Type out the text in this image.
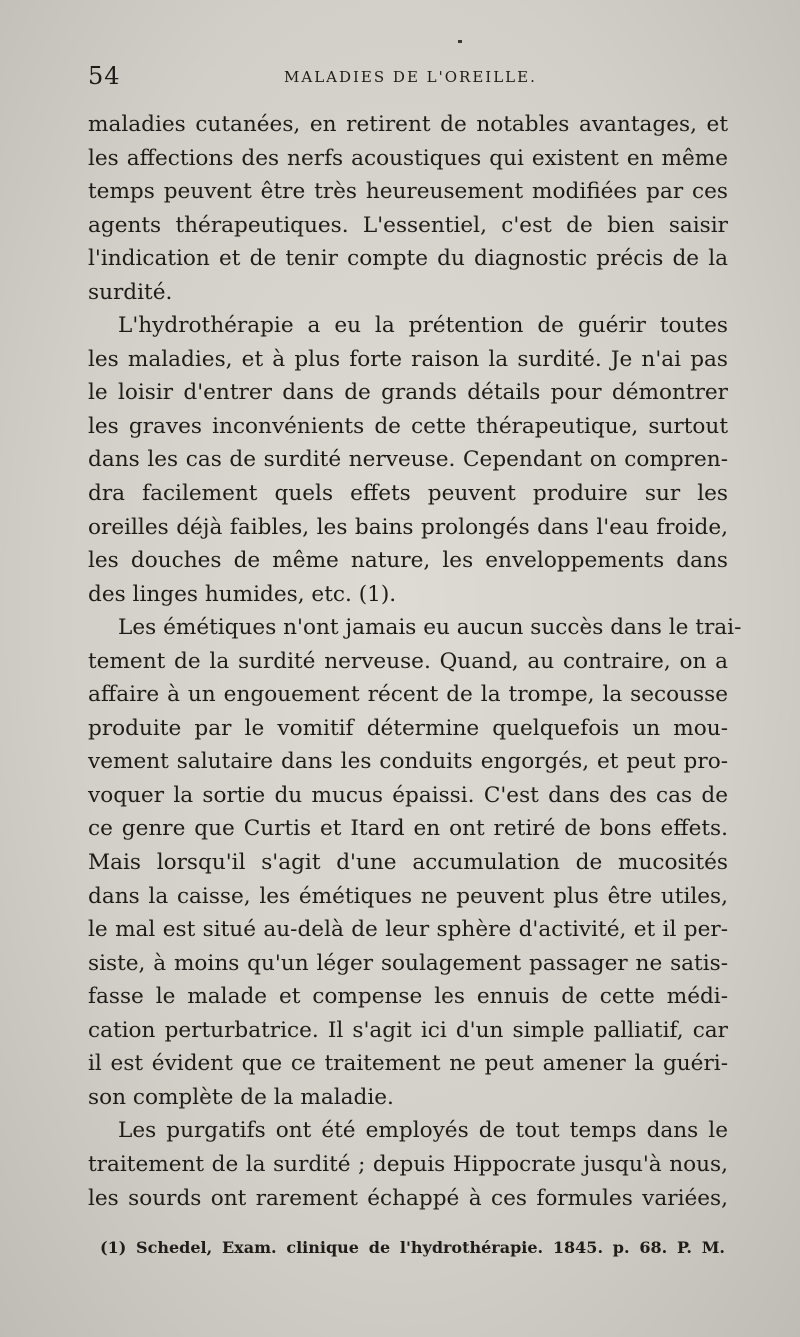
54	MALADIES DE L'OREILLE.
maladies cutanées, en retirent de notables avantages, et
les affections des nerfs acoustiques qui existent en même
temps peuvent être très heureusement modifiées par ces
agents thérapeutiques. L'essentiel, c'est de bien saisir
l'indication et de tenir compte du diagnostic précis de la
surdité.
L'hydrothérapie a eu la prétention de guérir toutes
les maladies, et à plus forte raison la surdité. Je n'ai pas
le loisir d'entrer dans de grands détails pour démontrer
les graves inconvénients de cette thérapeutique, surtout
dans les cas de surdité nerveuse. Cependant on compren-
dra facilement quels effets peuvent produire sur les
oreilles déjà faibles, les bains prolongés dans l'eau froide,
les douches de même nature, les enveloppements dans
des linges humides, etc. (1).
Les émétiques n'ont jamais eu aucun succès dans le trai-
tement de la surdité nerveuse. Quand, au contraire, on a
affaire à un engouement récent de la trompe, la secousse
produite par le vomitif détermine quelquefois un mou-
vement salutaire dans les conduits engorgés, et peut pro-
voquer la sortie du mucus épaissi. C'est dans des cas de
ce genre que Curtis et Itard en ont retiré de bons effets.
Mais lorsqu'il s'agit d'une accumulation de mucosités
dans la caisse, les émétiques ne peuvent plus être utiles,
le mal est situé au-delà de leur sphère d'activité, et il per-
siste, à moins qu'un léger soulagement passager ne satis-
fasse le malade et compense les ennuis de cette médi-
cation perturbatrice. Il s'agit ici d'un simple palliatif, car
il est évident que ce traitement ne peut amener la guéri-
son complète de la maladie.
Les purgatifs ont été employés de tout temps dans le
traitement de la surdité ; depuis Hippocrate jusqu'à nous,
les sourds ont rarement échappé à ces formules variées,
(1) Schedel, Exam. clinique de l'hydrothérapie. 1845. p. 68. P. M.
